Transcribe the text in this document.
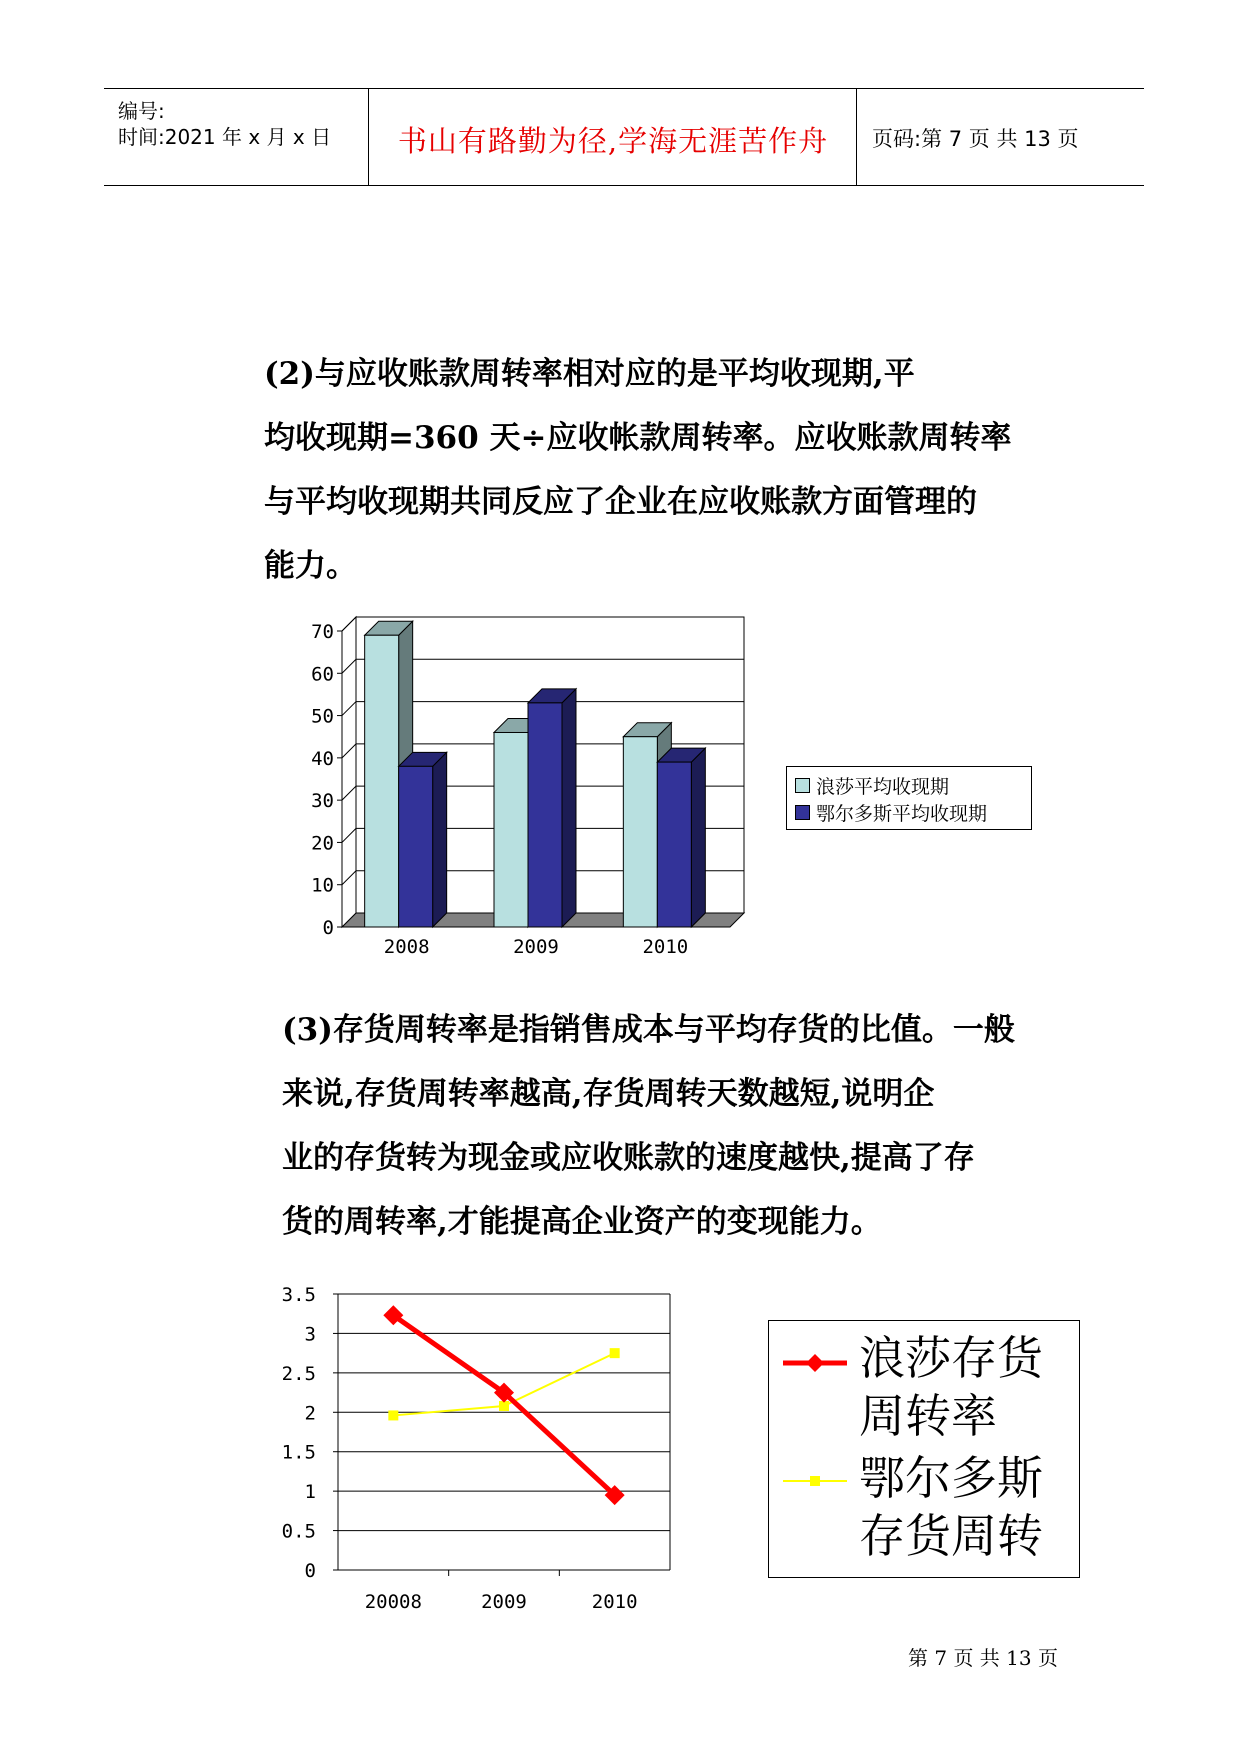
编号:
时间:2021 年 x 月 x 日	书山有路勤为径,学海无涯苦作舟	页码:第 7 页 共 13 页
(2)与应收账款周转率相对应的是平均收现期,平
均收现期=360 天÷应收帐款周转率。应收账款周转率
与平均收现期共同反应了企业在应收账款方面管理的
能力。
0
10
20
30
40
50
60
70
2008	2009	2010
浪莎平均收现期
鄂尔多斯平均收现期
(3)存货周转率是指销售成本与平均存货的比值。一般
来说,存货周转率越高,存货周转天数越短,说明企
业的存货转为现金或应收账款的速度越快,提高了存
货的周转率,才能提高企业资产的变现能力。
0
0.5
1
1.5
2
2.5
3
3.5
20008	2009	2010
浪莎存货
周转率
鄂尔多斯
存货周转
第 7 页 共 13 页
